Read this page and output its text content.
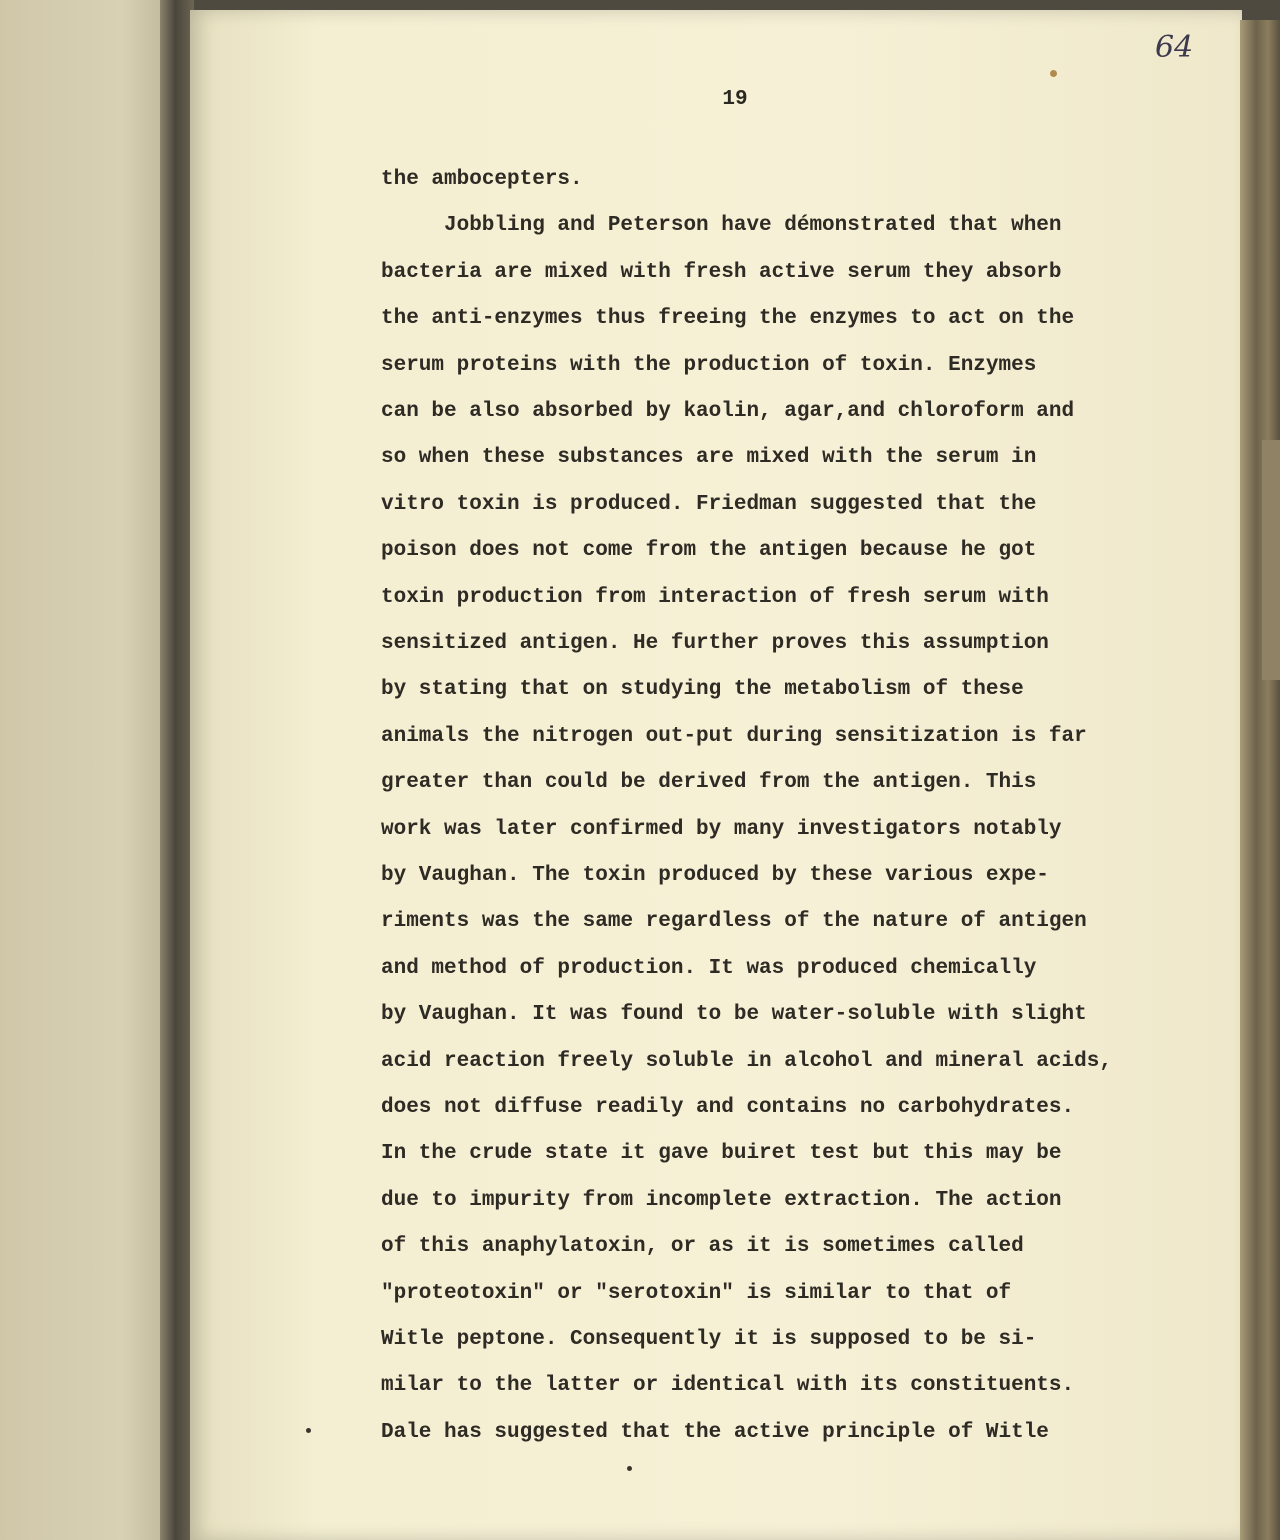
64
19
the ambocepters.
Jobbling and Peterson have démonstrated that when
bacteria are mixed with fresh active serum they absorb
the anti-enzymes thus freeing the enzymes to act on the
serum proteins with the production of toxin. Enzymes
can be also absorbed by kaolin, agar,and chloroform and
so when these substances are mixed with the serum in
vitro toxin is produced. Friedman suggested that the
poison does not come from the antigen because he got
toxin production from interaction of fresh serum with
sensitized antigen. He further proves this assumption
by stating that on studying the metabolism of these
animals the nitrogen out-put during sensitization is far
greater than could be derived from the antigen. This
work was later confirmed by many investigators notably
by Vaughan. The toxin produced by these various expe-
riments was the same regardless of the nature of antigen
and method of production. It was produced chemically
by Vaughan. It was found to be water-soluble with slight
acid reaction freely soluble in alcohol and mineral acids,
does not diffuse readily and contains no carbohydrates.
In the crude state it gave buiret test but this may be
due to impurity from incomplete extraction. The action
of this anaphylatoxin, or as it is sometimes called
"proteotoxin" or "serotoxin" is similar to that of
Witle peptone. Consequently it is supposed to be si-
milar to the latter or identical with its constituents.
Dale has suggested that the active principle of Witle
